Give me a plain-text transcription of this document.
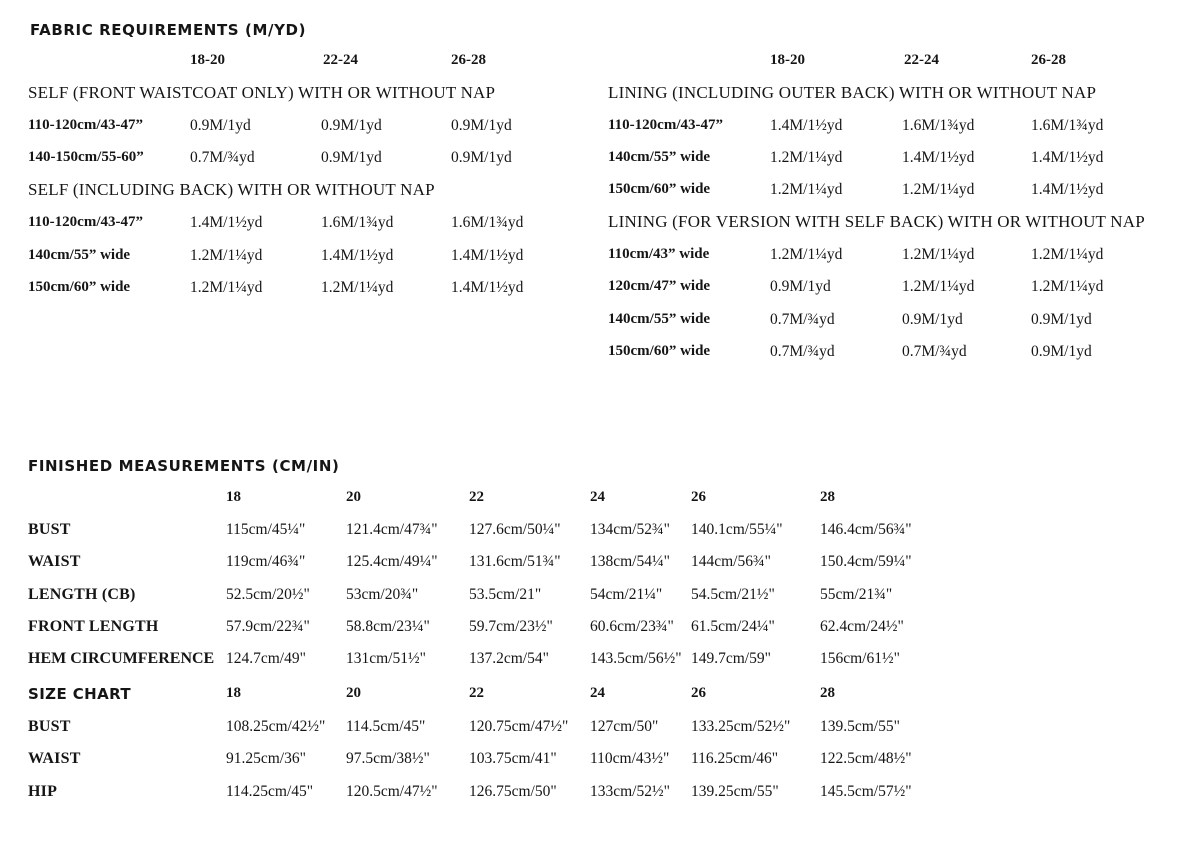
FABRIC REQUIREMENTS (M/YD)
18-20	22-24	26-28
SELF (FRONT WAISTCOAT ONLY) WITH OR WITHOUT NAP
110-120cm/43-47”	0.9M/1yd	0.9M/1yd	0.9M/1yd
140-150cm/55-60”	0.7M/¾yd	0.9M/1yd	0.9M/1yd
SELF (INCLUDING BACK) WITH OR WITHOUT NAP
110-120cm/43-47”	1.4M/1½yd	1.6M/1¾yd	1.6M/1¾yd
140cm/55” wide	1.2M/1¼yd	1.4M/1½yd	1.4M/1½yd
150cm/60” wide	1.2M/1¼yd	1.2M/1¼yd	1.4M/1½yd
18-20	22-24	26-28
LINING (INCLUDING OUTER BACK) WITH OR WITHOUT NAP
110-120cm/43-47”	1.4M/1½yd	1.6M/1¾yd	1.6M/1¾yd
140cm/55” wide	1.2M/1¼yd	1.4M/1½yd	1.4M/1½yd
150cm/60” wide	1.2M/1¼yd	1.2M/1¼yd	1.4M/1½yd
LINING (FOR VERSION WITH SELF BACK) WITH OR WITHOUT NAP
110cm/43” wide	1.2M/1¼yd	1.2M/1¼yd	1.2M/1¼yd
120cm/47” wide	0.9M/1yd	1.2M/1¼yd	1.2M/1¼yd
140cm/55” wide	0.7M/¾yd	0.9M/1yd	0.9M/1yd
150cm/60” wide	0.7M/¾yd	0.7M/¾yd	0.9M/1yd
FINISHED MEASUREMENTS (CM/IN)
18	20	22	24	26	28
BUST	115cm/45¼"	121.4cm/47¾" 127.6cm/50¼" 134cm/52¾" 140.1cm/55¼" 146.4cm/56¾"
WAIST	119cm/46¾"	125.4cm/49¼" 131.6cm/51¾" 138cm/54¼" 144cm/56¾"	150.4cm/59¼"
LENGTH (CB)	52.5cm/20½" 53cm/20¾"	53.5cm/21"	54cm/21¼" 54.5cm/21½"	55cm/21¾"
FRONT LENGTH	57.9cm/22¾" 58.8cm/23¼"	59.7cm/23½" 60.6cm/23¾" 61.5cm/24¼"	62.4cm/24½"
HEM CIRCUMFERENCE 124.7cm/49"	131cm/51½"	137.2cm/54"	143.5cm/56½" 149.7cm/59"	156cm/61½"
SIZE CHART	18	20	22	24	26	28
BUST	108.25cm/42½" 114.5cm/45"	120.75cm/47½" 127cm/50" 133.25cm/52½" 139.5cm/55"
WAIST	91.25cm/36"	97.5cm/38½"	103.75cm/41" 110cm/43½" 116.25cm/46"	122.5cm/48½"
HIP	114.25cm/45" 120.5cm/47½" 126.75cm/50" 133cm/52½" 139.25cm/55"	145.5cm/57½"
